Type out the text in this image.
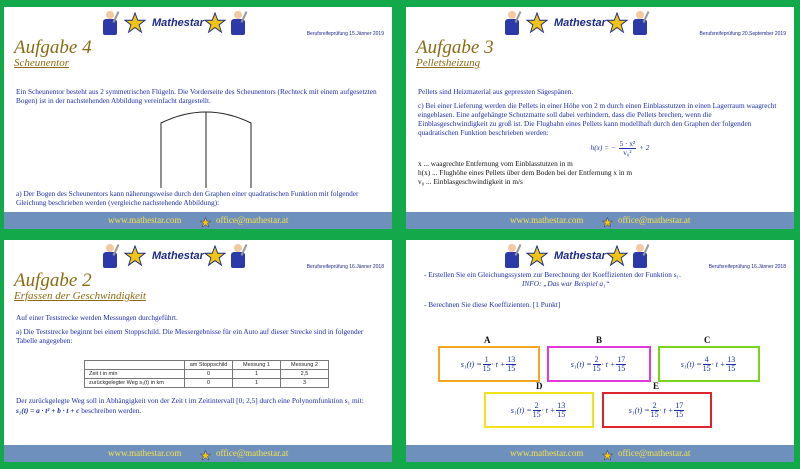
Mathestar
Berufsreifeprüfung 15.Jänner 2019
Aufgabe 4
Scheunentor

Ein Scheunentor besteht aus 2 symmetrischen Flügeln. Die Vorderseite des Scheunentors (Rechteck mit einem aufgesetzten Bogen) ist in der nachstehenden Abbildung vereinfacht dargestellt.

a) Der Bogen des Scheunentors kann näherungsweise durch den Graphen einer quadratischen Funktion mit folgender Gleichung beschrieben werden (vergleiche nachstehende Abbildung):

www.mathestar.com	office@mathestar.at
Mathestar
Berufsreifeprüfung 20.September 2019
Aufgabe 3
Pelletsheizung

Pellets sind Heizmaterial aus gepressten Sägespänen.

c) Bei einer Lieferung werden die Pellets in einer Höhe von 2 m durch einen Einblasstutzen in einen Lagerraum waagrecht eingeblasen. Eine aufgehängte Schutzmatte soll dabei verhindern, dass die Pellets brechen, wenn die Einblasgeschwindigkeit zu groß ist. Die Flugbahn eines Pellets kann modellhaft durch den Graphen der folgenden quadratischen Funktion beschrieben werden:

h(x) = − $\frac{\text{5 · x²}}{\text{v₀²}} + 2$

x ... waagrechte Entfernung vom Einblasstutzen in m

h(x) ... Flughöhe eines Pellets über dem Boden bei der Entfernung x in m

v₀ ... Einblasgeschwindigkeit in m/s

www.mathestar.com	office@mathestar.at
Mathestar
Berufsreifeprüfung 16.Jänner 2018
Aufgabe 2
Erfassen der Geschwindigkeit

Auf einer Teststrecke werden Messungen durchgeführt.

a) Die Teststrecke beginnt bei einem Stoppschild. Die Messergebnisse für ein Auto auf dieser Strecke sind in folgender Tabelle angegeben:

	am Stoppschild	Messung 1	Messung 2
Zeit t in min	0	1	2,5
zurückgelegter Weg s₁(t) in km	0	1	3

Der zurückgelegte Weg soll in Abhängigkeit von der Zeit t im Zeitintervall [0; 2,5] durch eine Polynomfunktion s₁ mit:

s₁(t) = a · t² + b · t + c beschreiben werden.

www.mathestar.com	office@mathestar.at
Mathestar
Berufsreifeprüfung 16.Jänner 2018

- Erstellen Sie ein Gleichungssystem zur Berechnung der Koeffizienten der Funktion s₁.

INFO: „Das war Beispiel a₁“

- Berechnen Sie diese Koeffizienten. [1 Punkt]

A
$s_1(t) = \frac{1}{15} \cdot t + \frac{13}{15}$
B
$s_1(t) = \frac{2}{15} \cdot t + \frac{17}{15}$
C
$s_1(t) = \frac{4}{15} \cdot t + \frac{13}{15}$
D
$s_1(t) = \frac{2}{15} \cdot t + \frac{13}{15}$
E
$s_1(t) = \frac{2}{15} \cdot t + \frac{17}{15}$
www.mathestar.com	office@mathestar.at
